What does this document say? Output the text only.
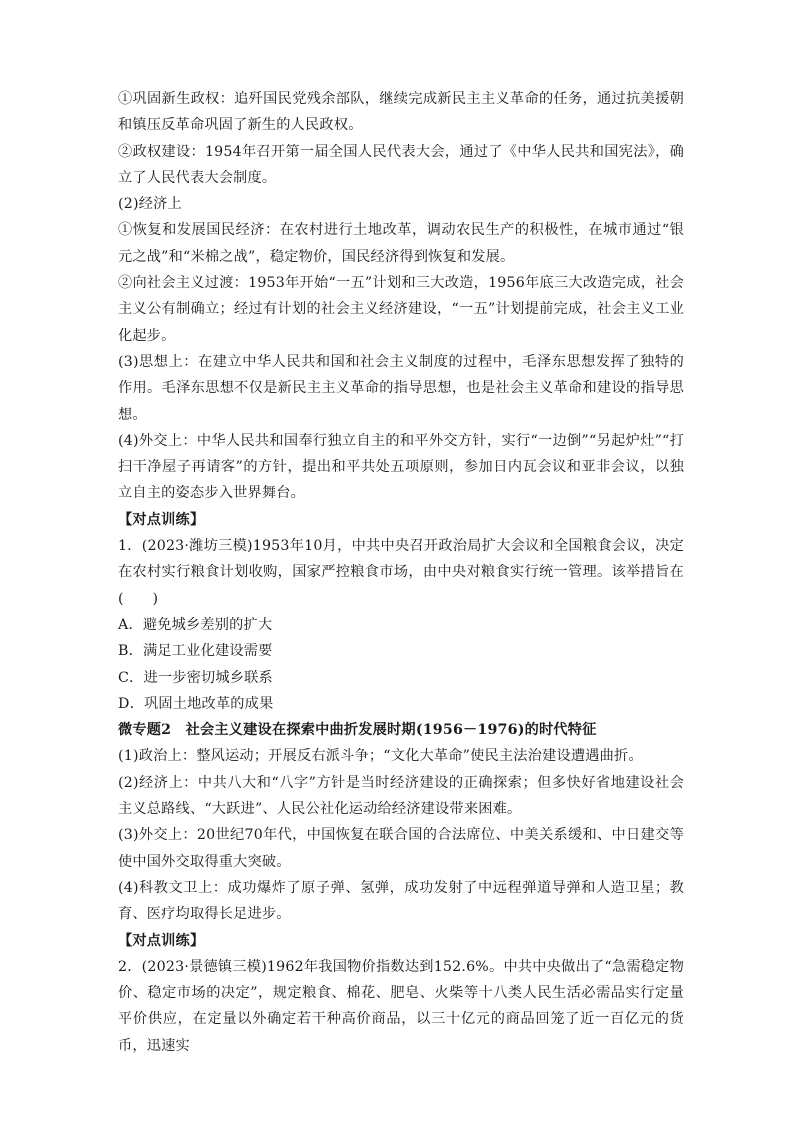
①巩固新生政权：追歼国民党残余部队，继续完成新民主主义革命的任务，通过抗美援朝和镇压反革命巩固了新生的人民政权。

②政权建设：1954年召开第一届全国人民代表大会，通过了《中华人民共和国宪法》，确立了人民代表大会制度。

(2)经济上

①恢复和发展国民经济：在农村进行土地改革，调动农民生产的积极性，在城市通过“银元之战”和“米棉之战”，稳定物价，国民经济得到恢复和发展。

②向社会主义过渡：1953年开始“一五”计划和三大改造，1956年底三大改造完成，社会主义公有制确立；经过有计划的社会主义经济建设，“一五”计划提前完成，社会主义工业化起步。

(3)思想上：在建立中华人民共和国和社会主义制度的过程中，毛泽东思想发挥了独特的作用。毛泽东思想不仅是新民主主义革命的指导思想，也是社会主义革命和建设的指导思想。

(4)外交上：中华人民共和国奉行独立自主的和平外交方针，实行“一边倒”“另起炉灶”“打扫干净屋子再请客”的方针，提出和平共处五项原则，参加日内瓦会议和亚非会议，以独立自主的姿态步入世界舞台。

【对点训练】

1．(2023·潍坊三模)1953年10月，中共中央召开政治局扩大会议和全国粮食会议，决定在农村实行粮食计划收购，国家严控粮食市场，由中央对粮食实行统一管理。该举措旨在(　　)

A．避免城乡差别的扩大

B．满足工业化建设需要

C．进一步密切城乡联系

D．巩固土地改革的成果

微专题2　社会主义建设在探索中曲折发展时期(1956－1976)的时代特征

(1)政治上：整风运动；开展反右派斗争；“文化大革命”使民主法治建设遭遇曲折。

(2)经济上：中共八大和“八字”方针是当时经济建设的正确探索；但多快好省地建设社会主义总路线、“大跃进”、人民公社化运动给经济建设带来困难。

(3)外交上：20世纪70年代，中国恢复在联合国的合法席位、中美关系缓和、中日建交等使中国外交取得重大突破。

(4)科教文卫上：成功爆炸了原子弹、氢弹，成功发射了中远程弹道导弹和人造卫星；教育、医疗均取得长足进步。

【对点训练】

2．(2023·景德镇三模)1962年我国物价指数达到152.6%。中共中央做出了“急需稳定物价、稳定市场的决定”，规定粮食、棉花、肥皂、火柴等十八类人民生活必需品实行定量平价供应，在定量以外确定若干种高价商品，以三十亿元的商品回笼了近一百亿元的货币，迅速实
